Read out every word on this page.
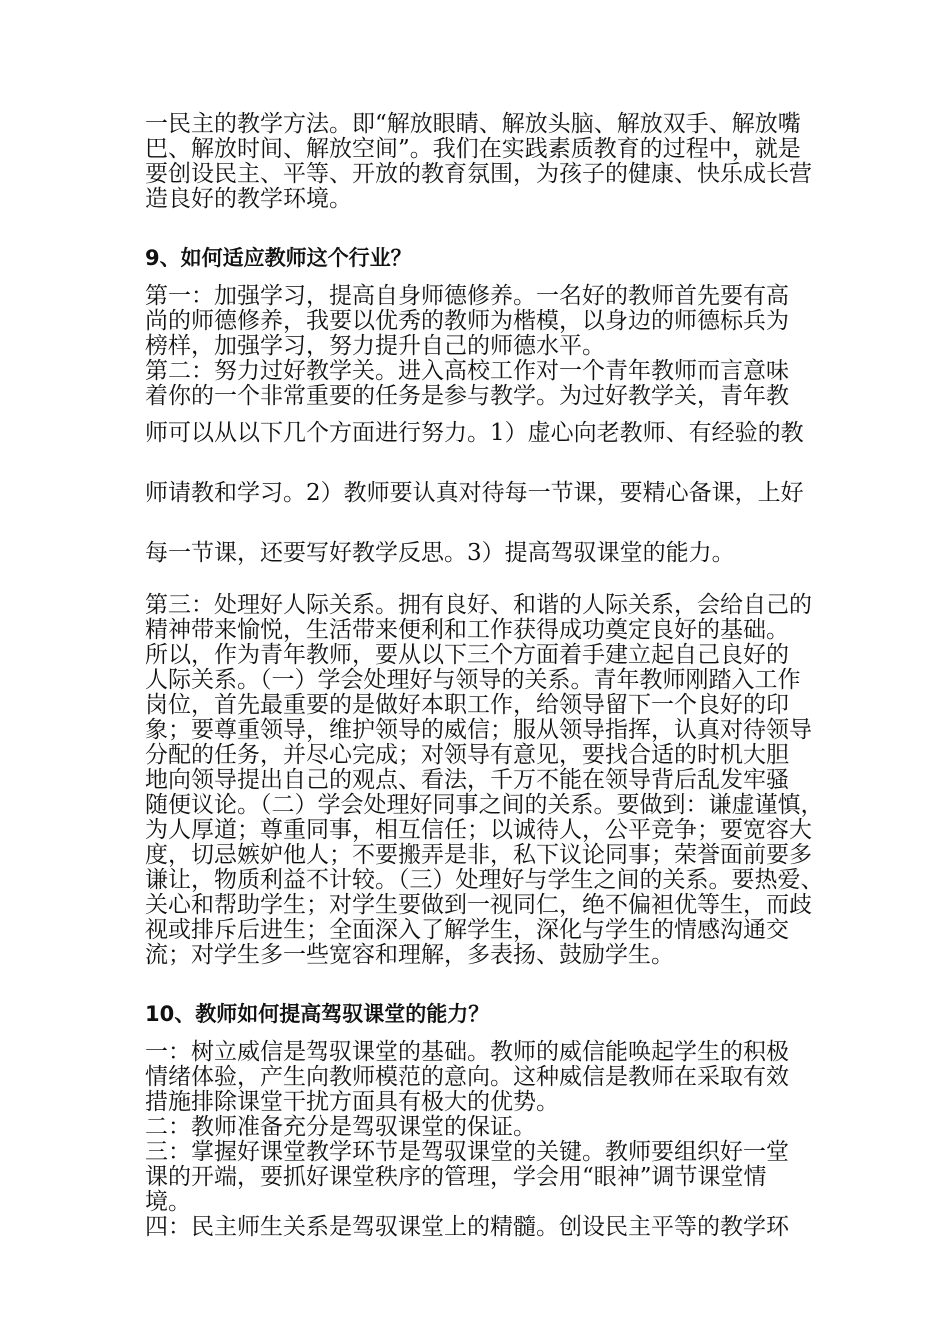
一民主的教学方法。即“解放眼睛、解放头脑、解放双手、解放嘴
巴、解放时间、解放空间”。我们在实践素质教育的过程中，就是
要创设民主、平等、开放的教育氛围，为孩子的健康、快乐成长营
造良好的教学环境。
9、如何适应教师这个行业？
第一：加强学习，提高自身师德修养。一名好的教师首先要有高
尚的师德修养，我要以优秀的教师为楷模，以身边的师德标兵为
榜样，加强学习，努力提升自己的师德水平。
第二：努力过好教学关。进入高校工作对一个青年教师而言意味
着你的一个非常重要的任务是参与教学。为过好教学关，青年教
师可以从以下几个方面进行努力。1）虚心向老教师、有经验的教
师请教和学习。2）教师要认真对待每一节课，要精心备课，上好
每一节课，还要写好教学反思。3）提高驾驭课堂的能力。
第三：处理好人际关系。拥有良好、和谐的人际关系，会给自己的
精神带来愉悦，生活带来便利和工作获得成功奠定良好的基础。
所以，作为青年教师，要从以下三个方面着手建立起自己良好的
人际关系。（一）学会处理好与领导的关系。青年教师刚踏入工作
岗位，首先最重要的是做好本职工作，给领导留下一个良好的印
象；要尊重领导，维护领导的威信；服从领导指挥，认真对待领导
分配的任务，并尽心完成；对领导有意见，要找合适的时机大胆
地向领导提出自己的观点、看法，千万不能在领导背后乱发牢骚
随便议论。（二）学会处理好同事之间的关系。要做到：谦虚谨慎，
为人厚道；尊重同事，相互信任；以诚待人，公平竞争；要宽容大
度，切忌嫉妒他人；不要搬弄是非，私下议论同事；荣誉面前要多
谦让，物质利益不计较。（三）处理好与学生之间的关系。要热爱、
关心和帮助学生；对学生要做到一视同仁，绝不偏袒优等生，而歧
视或排斥后进生；全面深入了解学生，深化与学生的情感沟通交
流；对学生多一些宽容和理解，多表扬、鼓励学生。
10、教师如何提高驾驭课堂的能力？
一：树立威信是驾驭课堂的基础。教师的威信能唤起学生的积极
情绪体验，产生向教师模范的意向。这种威信是教师在采取有效
措施排除课堂干扰方面具有极大的优势。
二：教师准备充分是驾驭课堂的保证。
三：掌握好课堂教学环节是驾驭课堂的关键。教师要组织好一堂
课的开端，要抓好课堂秩序的管理，学会用“眼神”调节课堂情
境。
四：民主师生关系是驾驭课堂上的精髓。创设民主平等的教学环
